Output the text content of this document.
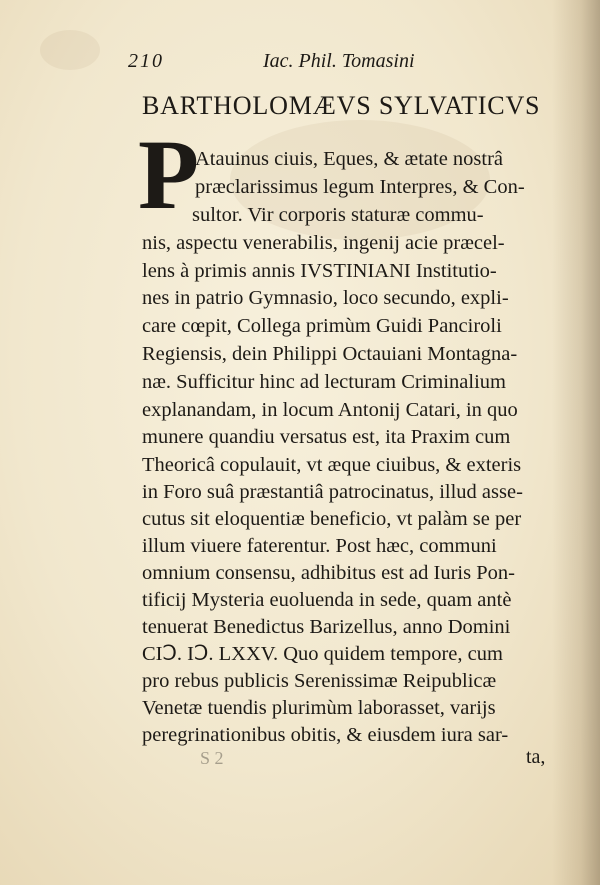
210	Iac. Phil. Tomasini
BARTHOLOMÆVS SYLVATICVS
P
Atauinus ciuis, Eques, & ætate nostrâ
præclarissimus legum Interpres, & Con-
sultor. Vir corporis staturæ commu-
nis, aspectu venerabilis, ingenij acie præcel-
lens à primis annis IVSTINIANI Institutio-
nes in patrio Gymnasio, loco secundo, expli-
care cœpit, Collega primùm Guidi Panciroli
Regiensis, dein Philippi Octauiani Montagna-
næ. Sufficitur hinc ad lecturam Criminalium
explanandam, in locum Antonij Catari, in quo
munere quandiu versatus est, ita Praxim cum
Theoricâ copulauit, vt æque ciuibus, & exteris
in Foro suâ præstantiâ patrocinatus, illud asse-
cutus sit eloquentiæ beneficio, vt palàm se per
illum viuere faterentur. Post hæc, communi
omnium consensu, adhibitus est ad Iuris Pon-
tificij Mysteria euoluenda in sede, quam antè
tenuerat Benedictus Barizellus, anno Domini
CIↃ. IↃ. LXXV. Quo quidem tempore, cum
pro rebus publicis Serenissimæ Reipublicæ
Venetæ tuendis plurimùm laborasset, varijs
peregrinationibus obitis, & eiusdem iura sar-
S 2	ta,
